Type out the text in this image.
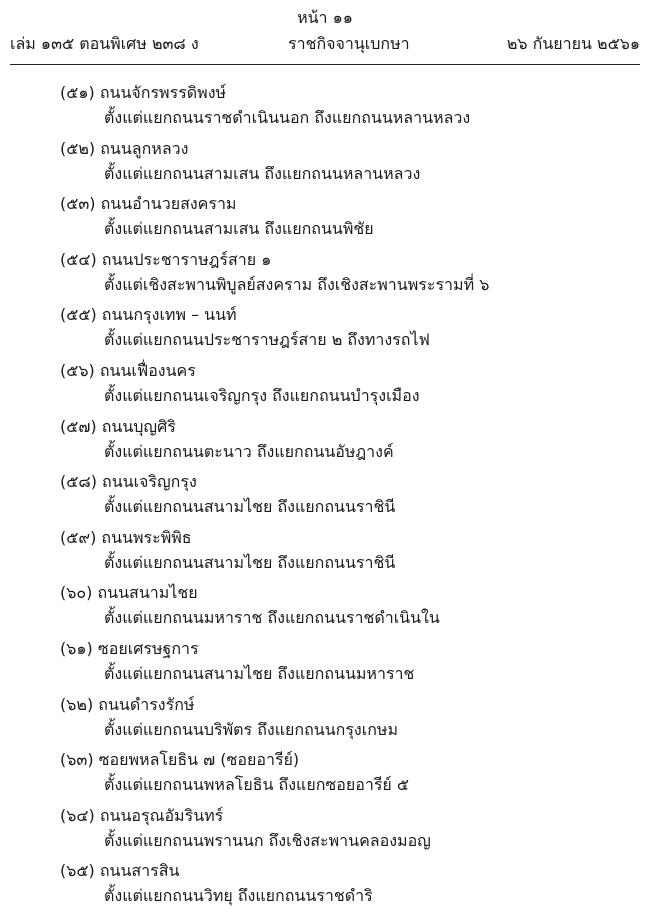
หน้า ๑๑
เล่ม ๑๓๕ ตอนพิเศษ ๒๓๘ ง	ราชกิจจานุเบกษา	๒๖ กันยายน ๒๕๖๑
(๕๑) ถนนจักรพรรดิพงษ์
ตั้งแต่แยกถนนราชดำเนินนอก ถึงแยกถนนหลานหลวง
(๕๒) ถนนลูกหลวง
ตั้งแต่แยกถนนสามเสน ถึงแยกถนนหลานหลวง
(๕๓) ถนนอำนวยสงคราม
ตั้งแต่แยกถนนสามเสน ถึงแยกถนนพิชัย
(๕๔) ถนนประชาราษฎร์สาย ๑
ตั้งแต่เชิงสะพานพิบูลย์สงคราม ถึงเชิงสะพานพระรามที่ ๖
(๕๕) ถนนกรุงเทพ – นนท์
ตั้งแต่แยกถนนประชาราษฎร์สาย ๒ ถึงทางรถไฟ
(๕๖) ถนนเฟื่องนคร
ตั้งแต่แยกถนนเจริญกรุง ถึงแยกถนนบำรุงเมือง
(๕๗) ถนนบุญศิริ
ตั้งแต่แยกถนนตะนาว ถึงแยกถนนอัษฎางค์
(๕๘) ถนนเจริญกรุง
ตั้งแต่แยกถนนสนามไชย ถึงแยกถนนราชินี
(๕๙) ถนนพระพิพิธ
ตั้งแต่แยกถนนสนามไชย ถึงแยกถนนราชินี
(๖๐) ถนนสนามไชย
ตั้งแต่แยกถนนมหาราช ถึงแยกถนนราชดำเนินใน
(๖๑) ซอยเศรษฐการ
ตั้งแต่แยกถนนสนามไชย ถึงแยกถนนมหาราช
(๖๒) ถนนดำรงรักษ์
ตั้งแต่แยกถนนบริพัตร ถึงแยกถนนกรุงเกษม
(๖๓) ซอยพหลโยธิน ๗ (ซอยอารีย์)
ตั้งแต่แยกถนนพหลโยธิน ถึงแยกซอยอารีย์ ๕
(๖๔) ถนนอรุณอัมรินทร์
ตั้งแต่แยกถนนพรานนก ถึงเชิงสะพานคลองมอญ
(๖๕) ถนนสารสิน
ตั้งแต่แยกถนนวิทยุ ถึงแยกถนนราชดำริ
